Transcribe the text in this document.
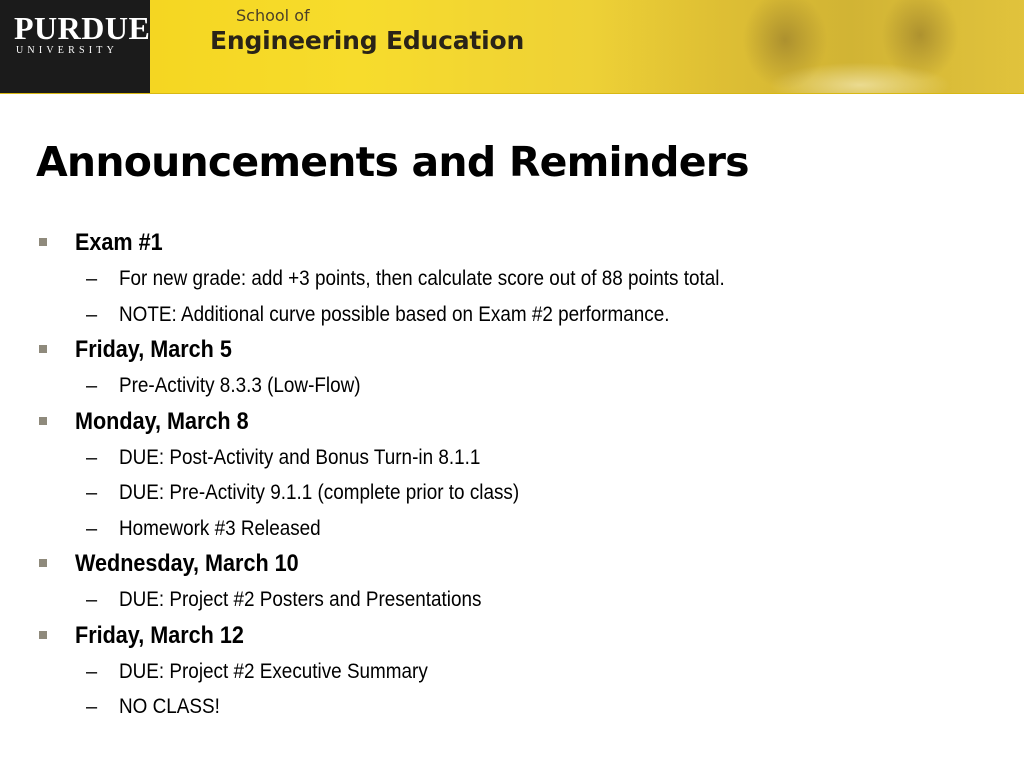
PURDUE
UNIVERSITY
School of
Engineering Education
Announcements and Reminders
Exam #1
– For new grade: add +3 points, then calculate score out of 88 points total.
– NOTE: Additional curve possible based on Exam #2 performance.
Friday, March 5
– Pre-Activity 8.3.3 (Low-Flow)
Monday, March 8
– DUE: Post-Activity and Bonus Turn-in 8.1.1
– DUE: Pre-Activity 9.1.1 (complete prior to class)
– Homework #3 Released
Wednesday, March 10
– DUE: Project #2 Posters and Presentations
Friday, March 12
– DUE: Project #2 Executive Summary
– NO CLASS!
